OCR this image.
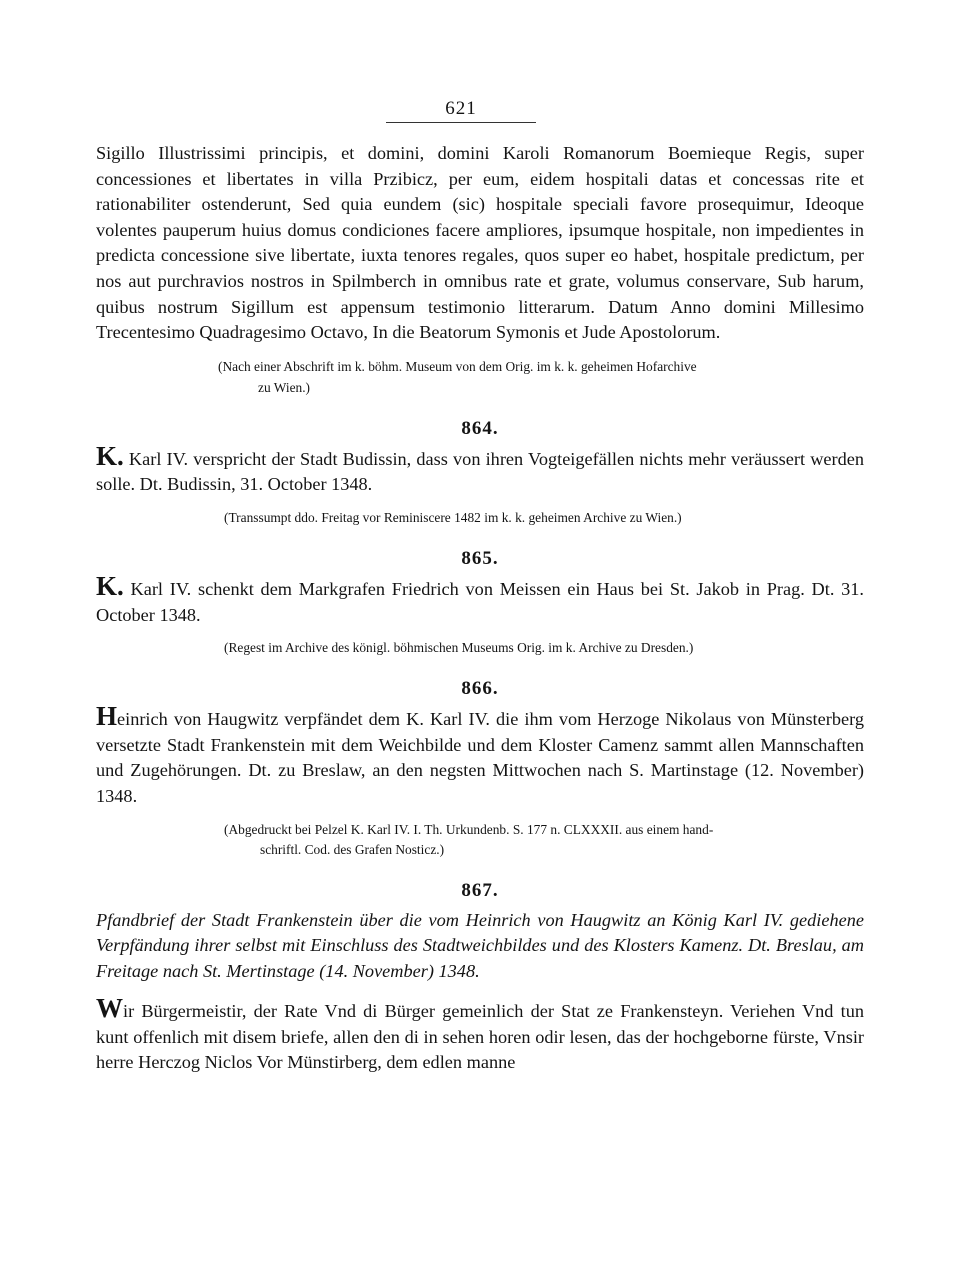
621

Sigillo Illustrissimi principis, et domini, domini Karoli Romanorum Boemieque Regis, super concessiones et libertates in villa Przibicz, per eum, eidem hospitali datas et concessas rite et rationabiliter ostenderunt, Sed quia eundem (sic) hospitale speciali favore prosequimur, Ideoque volentes pauperum huius domus condiciones facere ampliores, ipsumque hospitale, non impedientes in predicta concessione sive libertate, iuxta tenores regales, quos super eo habet, hospitale predictum, per nos aut purchravios nostros in Spilmberch in omnibus rate et grate, volumus conservare, Sub harum, quibus nostrum Sigillum est appensum testimonio litterarum. Datum Anno domini Millesimo Trecentesimo Quadragesimo Octavo, In die Beatorum Symonis et Jude Apostolorum.

(Nach einer Abschrift im k. böhm. Museum von dem Orig. im k. k. geheimen Hofarchive
zu Wien.)

864.

K. Karl IV. verspricht der Stadt Budissin, dass von ihren Vogteigefällen nichts mehr veräussert werden solle. Dt. Budissin, 31. October 1348.

(Transsumpt ddo. Freitag vor Reminiscere 1482 im k. k. geheimen Archive zu Wien.)

865.

K. Karl IV. schenkt dem Markgrafen Friedrich von Meissen ein Haus bei St. Jakob in Prag. Dt. 31. October 1348.

(Regest im Archive des königl. böhmischen Museums Orig. im k. Archive zu Dresden.)

866.

Heinrich von Haugwitz verpfändet dem K. Karl IV. die ihm vom Herzoge Nikolaus von Münsterberg versetzte Stadt Frankenstein mit dem Weichbilde und dem Kloster Camenz sammt allen Mannschaften und Zugehörungen. Dt. zu Breslaw, an den negsten Mittwochen nach S. Martinstage (12. November) 1348.

(Abgedruckt bei Pelzel K. Karl IV. I. Th. Urkundenb. S. 177 n. CLXXXII. aus einem hand-
schriftl. Cod. des Grafen Nosticz.)

867.

Pfandbrief der Stadt Frankenstein über die vom Heinrich von Haugwitz an König Karl IV. gediehene Verpfändung ihrer selbst mit Einschluss des Stadtweichbildes und des Klosters Kamenz. Dt. Breslau, am Freitage nach St. Mertinstage (14. November) 1348.

Wir Bürgermeistir, der Rate Vnd di Bürger gemeinlich der Stat ze Frankensteyn. Veriehen Vnd tun kunt offenlich mit disem briefe, allen den di in sehen horen odir lesen, das der hochgeborne fürste, Vnsir herre Herczog Niclos Vor Münstirberg, dem edlen manne
